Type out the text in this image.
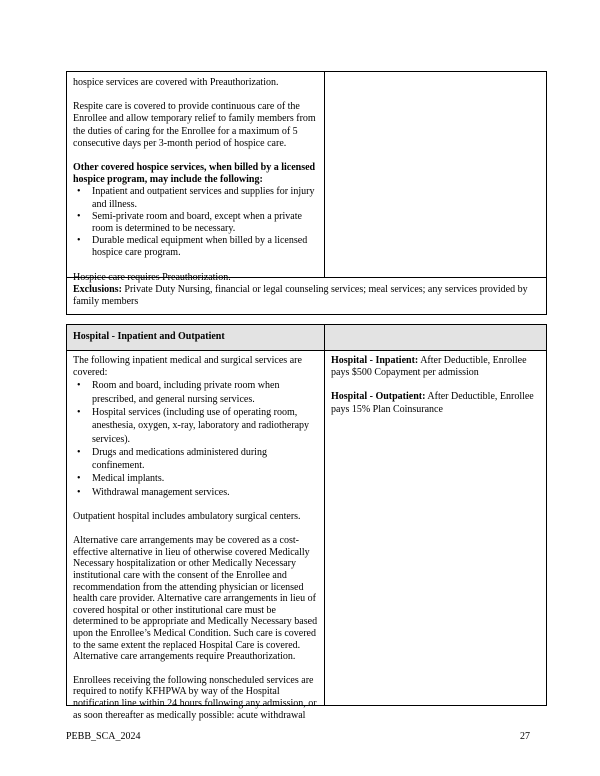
hospice services are covered with Preauthorization.

Respite care is covered to provide continuous care of the Enrollee and allow temporary relief to family members from the duties of caring for the Enrollee for a maximum of 5 consecutive days per 3-month period of hospice care.

Other covered hospice services, when billed by a licensed hospice program, may include the following:

• Inpatient and outpatient services and supplies for injury and illness.
• Semi-private room and board, except when a private room is determined to be necessary.
• Durable medical equipment when billed by a licensed hospice care program.

Hospice care requires Preauthorization.

Exclusions: Private Duty Nursing, financial or legal counseling services; meal services; any services provided by family members

Hospital - Inpatient and Outpatient

The following inpatient medical and surgical services are covered:

• Room and board, including private room when prescribed, and general nursing services.
• Hospital services (including use of operating room, anesthesia, oxygen, x-ray, laboratory and radiotherapy services).
• Drugs and medications administered during confinement.
• Medical implants.
• Withdrawal management services.

Outpatient hospital includes ambulatory surgical centers.

Alternative care arrangements may be covered as a cost-effective alternative in lieu of otherwise covered Medically Necessary hospitalization or other Medically Necessary institutional care with the consent of the Enrollee and recommendation from the attending physician or licensed health care provider. Alternative care arrangements in lieu of covered hospital or other institutional care must be determined to be appropriate and Medically Necessary based upon the Enrollee’s Medical Condition. Such care is covered to the same extent the replaced Hospital Care is covered. Alternative care arrangements require Preauthorization.

Enrollees receiving the following nonscheduled services are required to notify KFHPWA by way of the Hospital notification line within 24 hours following any admission, or as soon thereafter as medically possible: acute withdrawal

Hospital - Inpatient: After Deductible, Enrollee pays $500 Copayment per admission

Hospital - Outpatient: After Deductible, Enrollee pays 15% Plan Coinsurance

PEBB_SCA_2024	27
